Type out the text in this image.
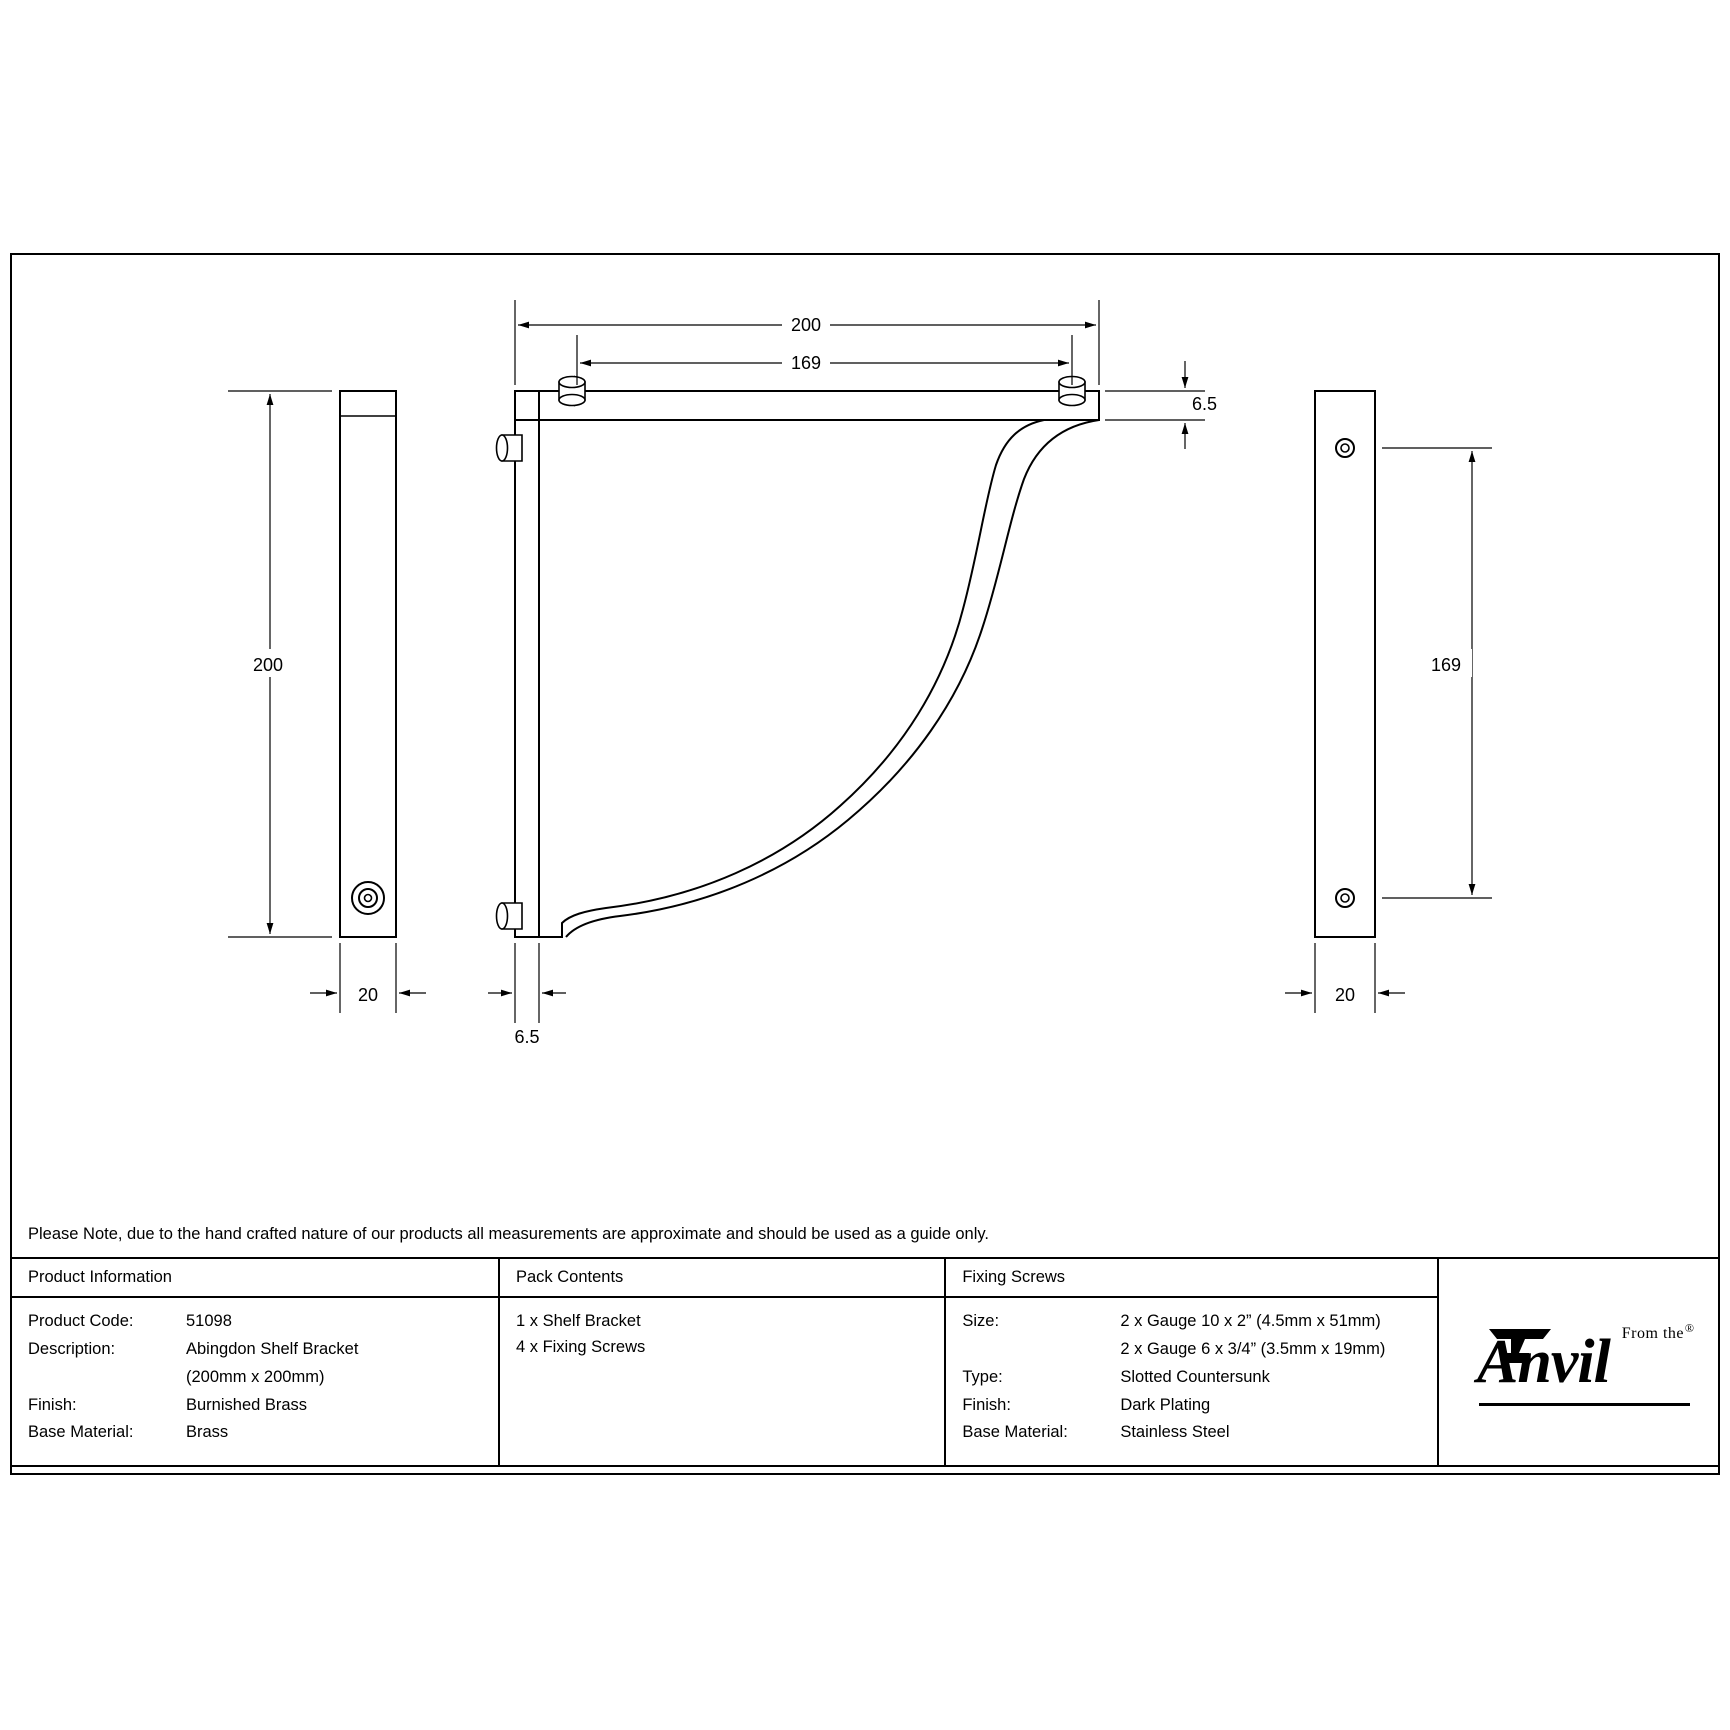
200
169
6.5
200	169
20
6.5
20
Please Note, due to the hand crafted nature of our products all measurements are approximate and should be used as a guide only.
Product Information	Pack Contents	Fixing Screws	

Product Code:	51098
Description:	Abingdon Shelf Bracket
	(200mm x 200mm)
Finish:	Burnished Brass
Base Material:	Brass

1 x Shelf Bracket
4 x Fixing Screws

Size:	2 x Gauge 10 x 2” (4.5mm x 51mm)
	2 x Gauge 6 x 3/4” (3.5mm x 19mm)
Type:	Slotted Countersunk
Finish:	Dark Plating
Base Material:	Stainless Steel

From the
Anvil	®
